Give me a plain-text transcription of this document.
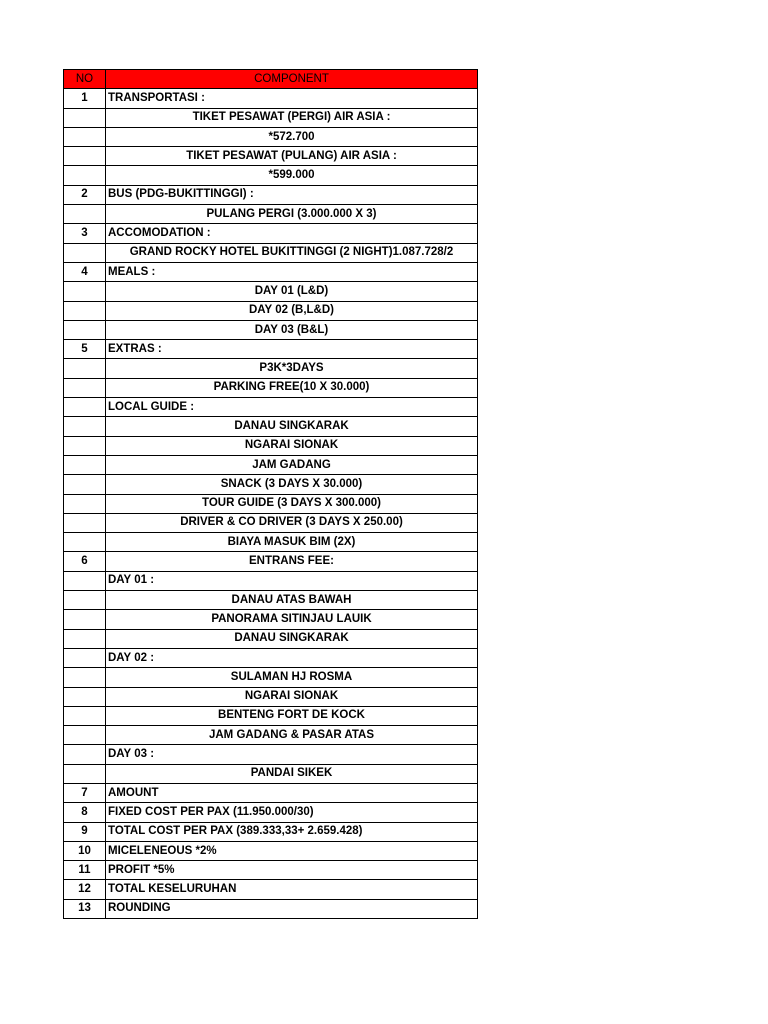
NO	COMPONENT
1	TRANSPORTASI :
	TIKET PESAWAT (PERGI) AIR ASIA :
	*572.700
	TIKET PESAWAT (PULANG) AIR ASIA :
	*599.000
2	BUS (PDG-BUKITTINGGI) :
	PULANG PERGI (3.000.000 X 3)
3	ACCOMODATION :
	GRAND ROCKY HOTEL BUKITTINGGI (2 NIGHT)1.087.728/2
4	MEALS :
	DAY 01 (L&D)
	DAY 02 (B,L&D)
	DAY 03 (B&L)
5	EXTRAS :
	P3K*3DAYS
	PARKING FREE(10 X 30.000)
	LOCAL GUIDE :
	DANAU SINGKARAK
	NGARAI SIONAK
	JAM GADANG
	SNACK (3 DAYS X 30.000)
	TOUR GUIDE (3 DAYS X 300.000)
	DRIVER & CO DRIVER (3 DAYS X 250.00)
	BIAYA MASUK BIM (2X)
6	ENTRANS FEE:
	DAY 01 :
	DANAU ATAS BAWAH
	PANORAMA SITINJAU LAUIK
	DANAU SINGKARAK
	DAY 02 :
	SULAMAN HJ ROSMA
	NGARAI SIONAK
	BENTENG FORT DE KOCK
	JAM GADANG & PASAR ATAS
	DAY 03 :
	PANDAI SIKEK
7	AMOUNT
8	FIXED COST PER PAX (11.950.000/30)
9	TOTAL COST PER PAX (389.333,33+ 2.659.428)
10	MICELENEOUS *2%
11	PROFIT *5%
12	TOTAL KESELURUHAN
13	ROUNDING
